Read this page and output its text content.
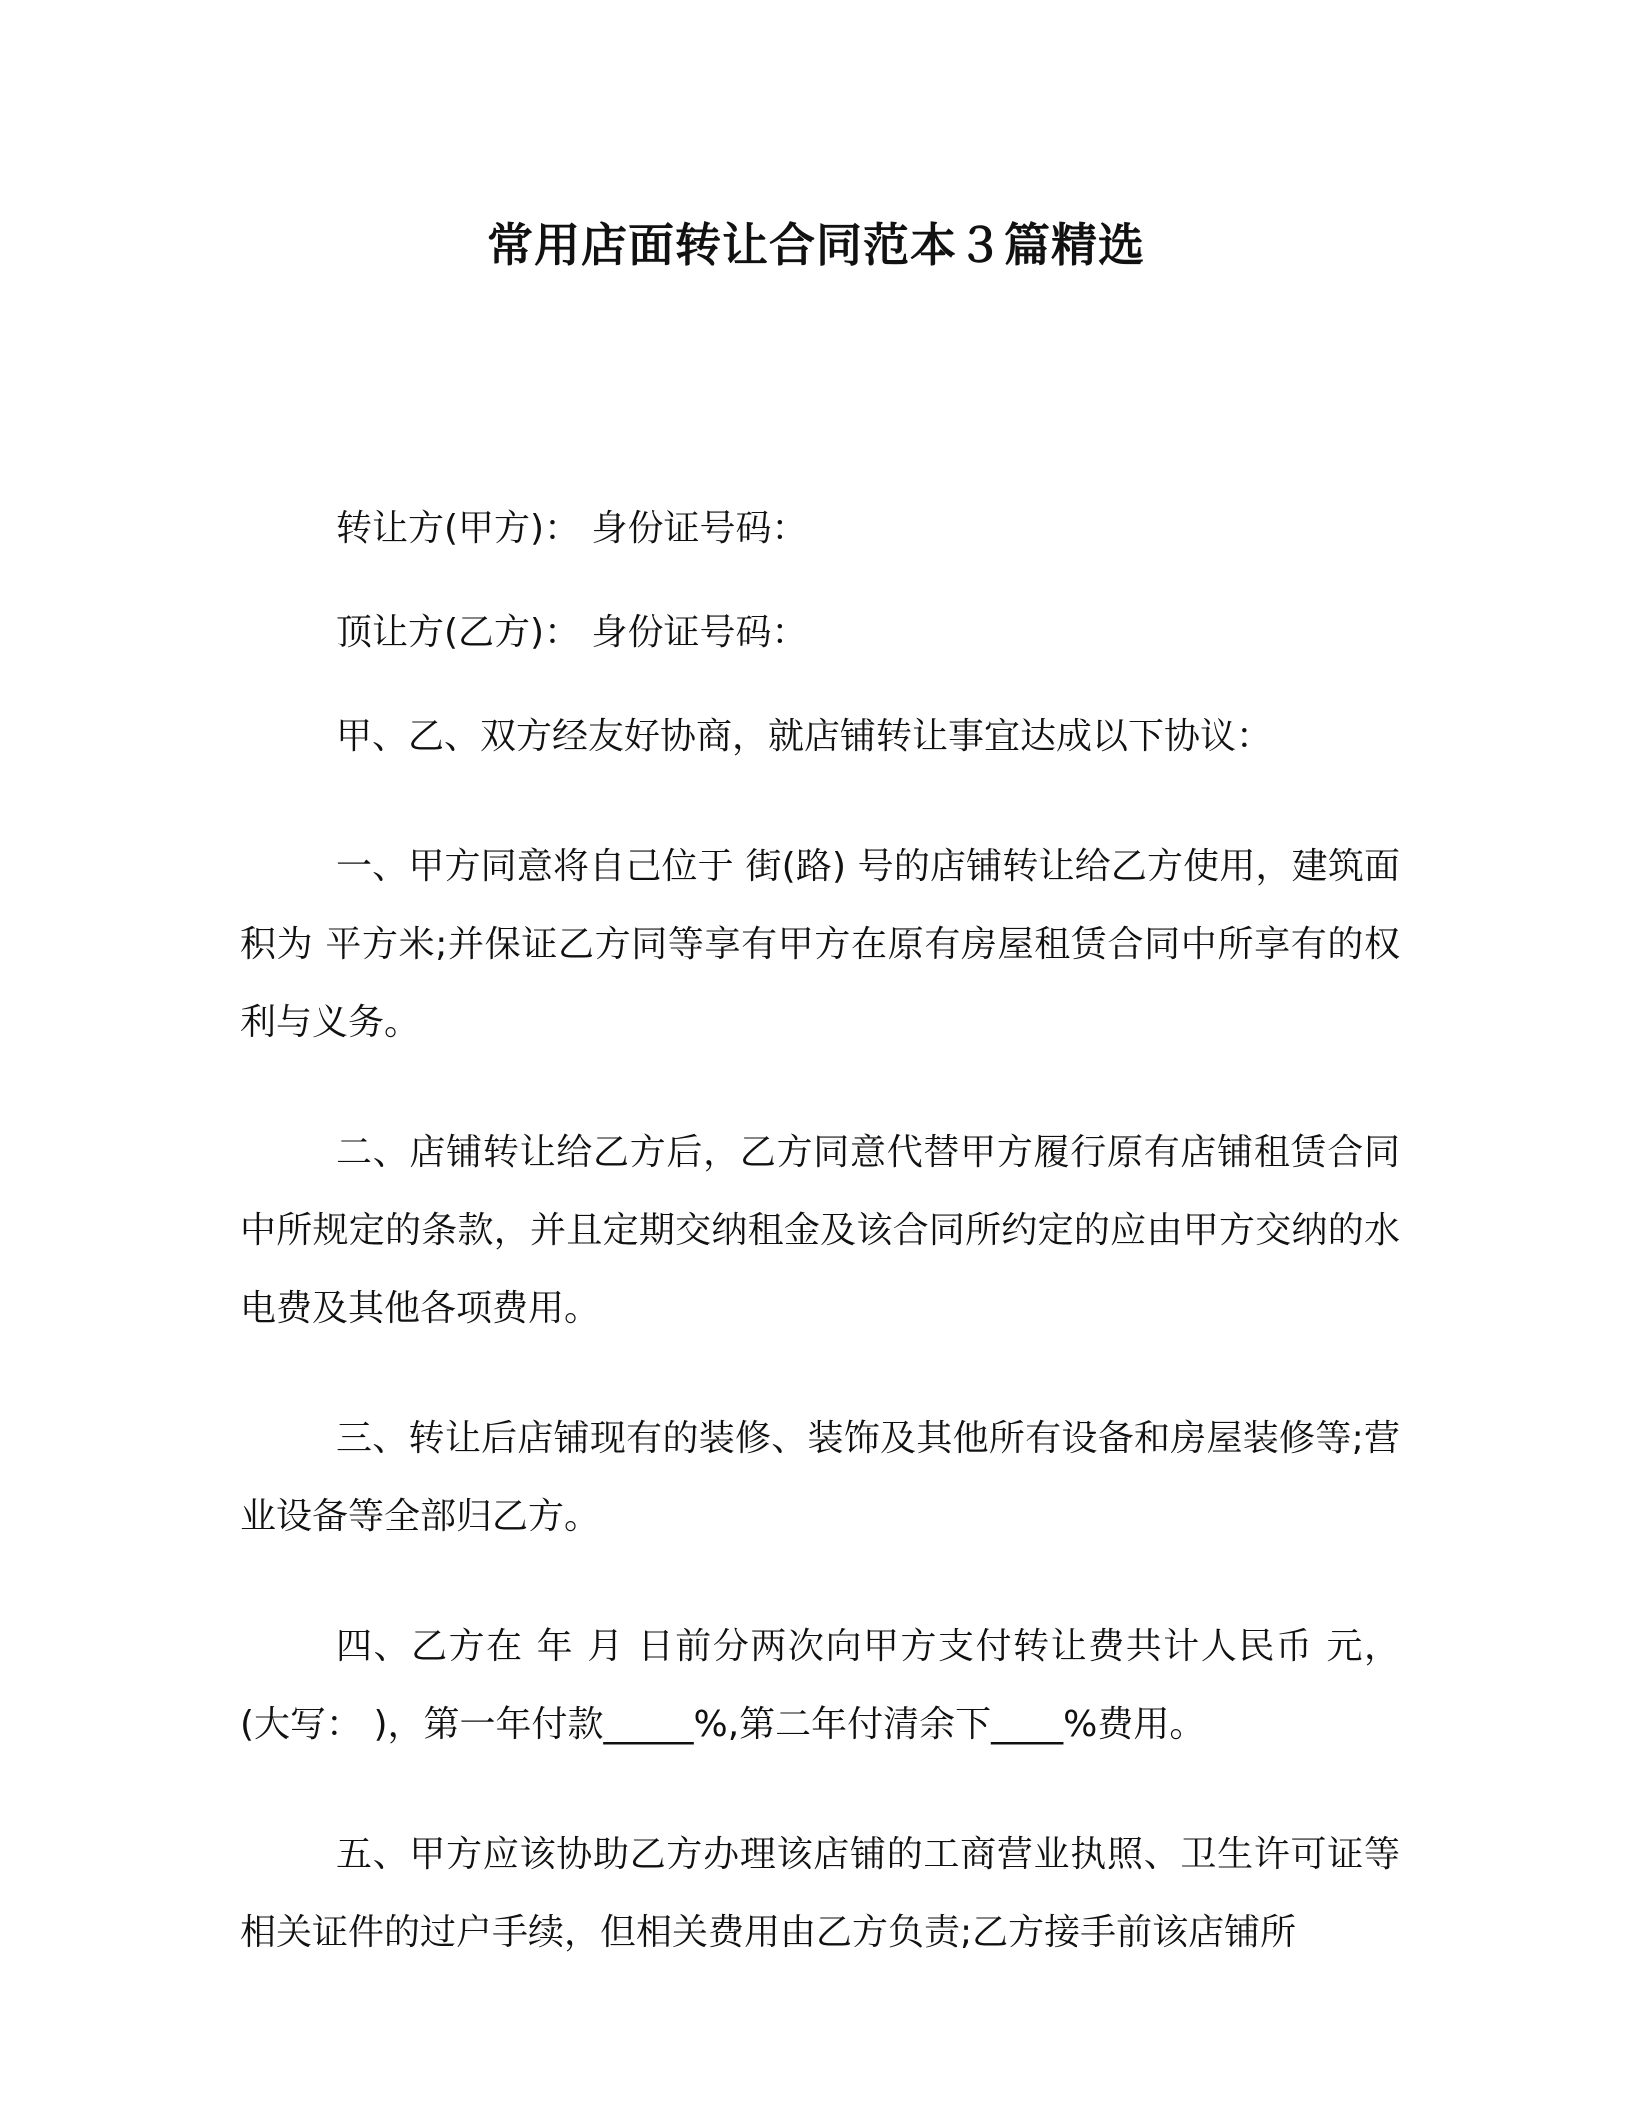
常用店面转让合同范本３篇精选

转让方(甲方)： 身份证号码：

顶让方(乙方)： 身份证号码：

甲、乙、双方经友好协商，就店铺转让事宜达成以下协议：

一、甲方同意将自己位于 街(路) 号的店铺转让给乙方使用，建筑面积为 平方米;并保证乙方同等享有甲方在原有房屋租赁合同中所享有的权利与义务。

二、店铺转让给乙方后，乙方同意代替甲方履行原有店铺租赁合同中所规定的条款，并且定期交纳租金及该合同所约定的应由甲方交纳的水电费及其他各项费用。

三、转让后店铺现有的装修、装饰及其他所有设备和房屋装修等;营业设备等全部归乙方。

四、乙方在 年 月 日前分两次向甲方支付转让费共计人民币 元，(大写： )，第一年付款_____%,第二年付清余下____%费用。

五、甲方应该协助乙方办理该店铺的工商营业执照、卫生许可证等相关证件的过户手续，但相关费用由乙方负责;乙方接手前该店铺所
